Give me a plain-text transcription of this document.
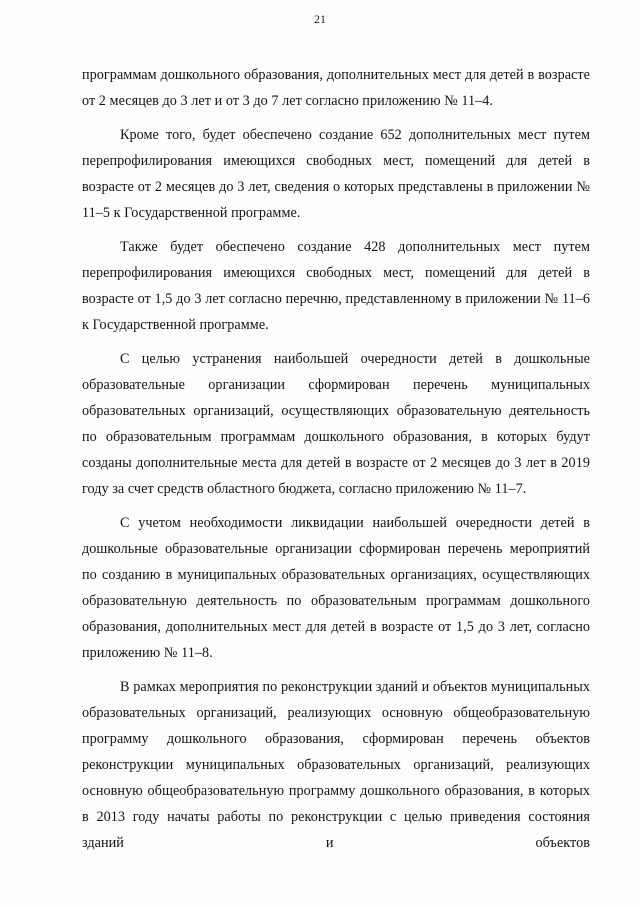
21

программам дошкольного образования, дополнительных мест для детей в возрасте от 2 месяцев до 3 лет и от 3 до 7 лет согласно приложению № 11–4.

Кроме того, будет обеспечено создание 652 дополнительных мест путем перепрофилирования имеющихся свободных мест, помещений для детей в возрасте от 2 месяцев до 3 лет, сведения о которых представлены в приложении № 11–5 к Государственной программе.

Также будет обеспечено создание 428 дополнительных мест путем перепрофилирования имеющихся свободных мест, помещений для детей в возрасте от 1,5 до 3 лет согласно перечню, представленному в приложении № 11–6 к Государственной программе.

С целью устранения наибольшей очередности детей в дошкольные образовательные организации сформирован перечень муниципальных образовательных организаций, осуществляющих образовательную деятельность по образовательным программам дошкольного образования, в которых будут созданы дополнительные места для детей в возрасте от 2 месяцев до 3 лет в 2019 году за счет средств областного бюджета, согласно приложению № 11–7.

С учетом необходимости ликвидации наибольшей очередности детей в дошкольные образовательные организации сформирован перечень мероприятий по созданию в муниципальных образовательных организациях, осуществляющих образовательную деятельность по образовательным программам дошкольного образования, дополнительных мест для детей в возрасте от 1,5 до 3 лет, согласно приложению № 11–8.

В рамках мероприятия по реконструкции зданий и объектов муниципальных образовательных организаций, реализующих основную общеобразовательную программу дошкольного образования, сформирован перечень объектов реконструкции муниципальных образовательных организаций, реализующих основную общеобразовательную программу дошкольного образования, в которых в 2013 году начаты работы по реконструкции с целью приведения состояния зданий и объектов
